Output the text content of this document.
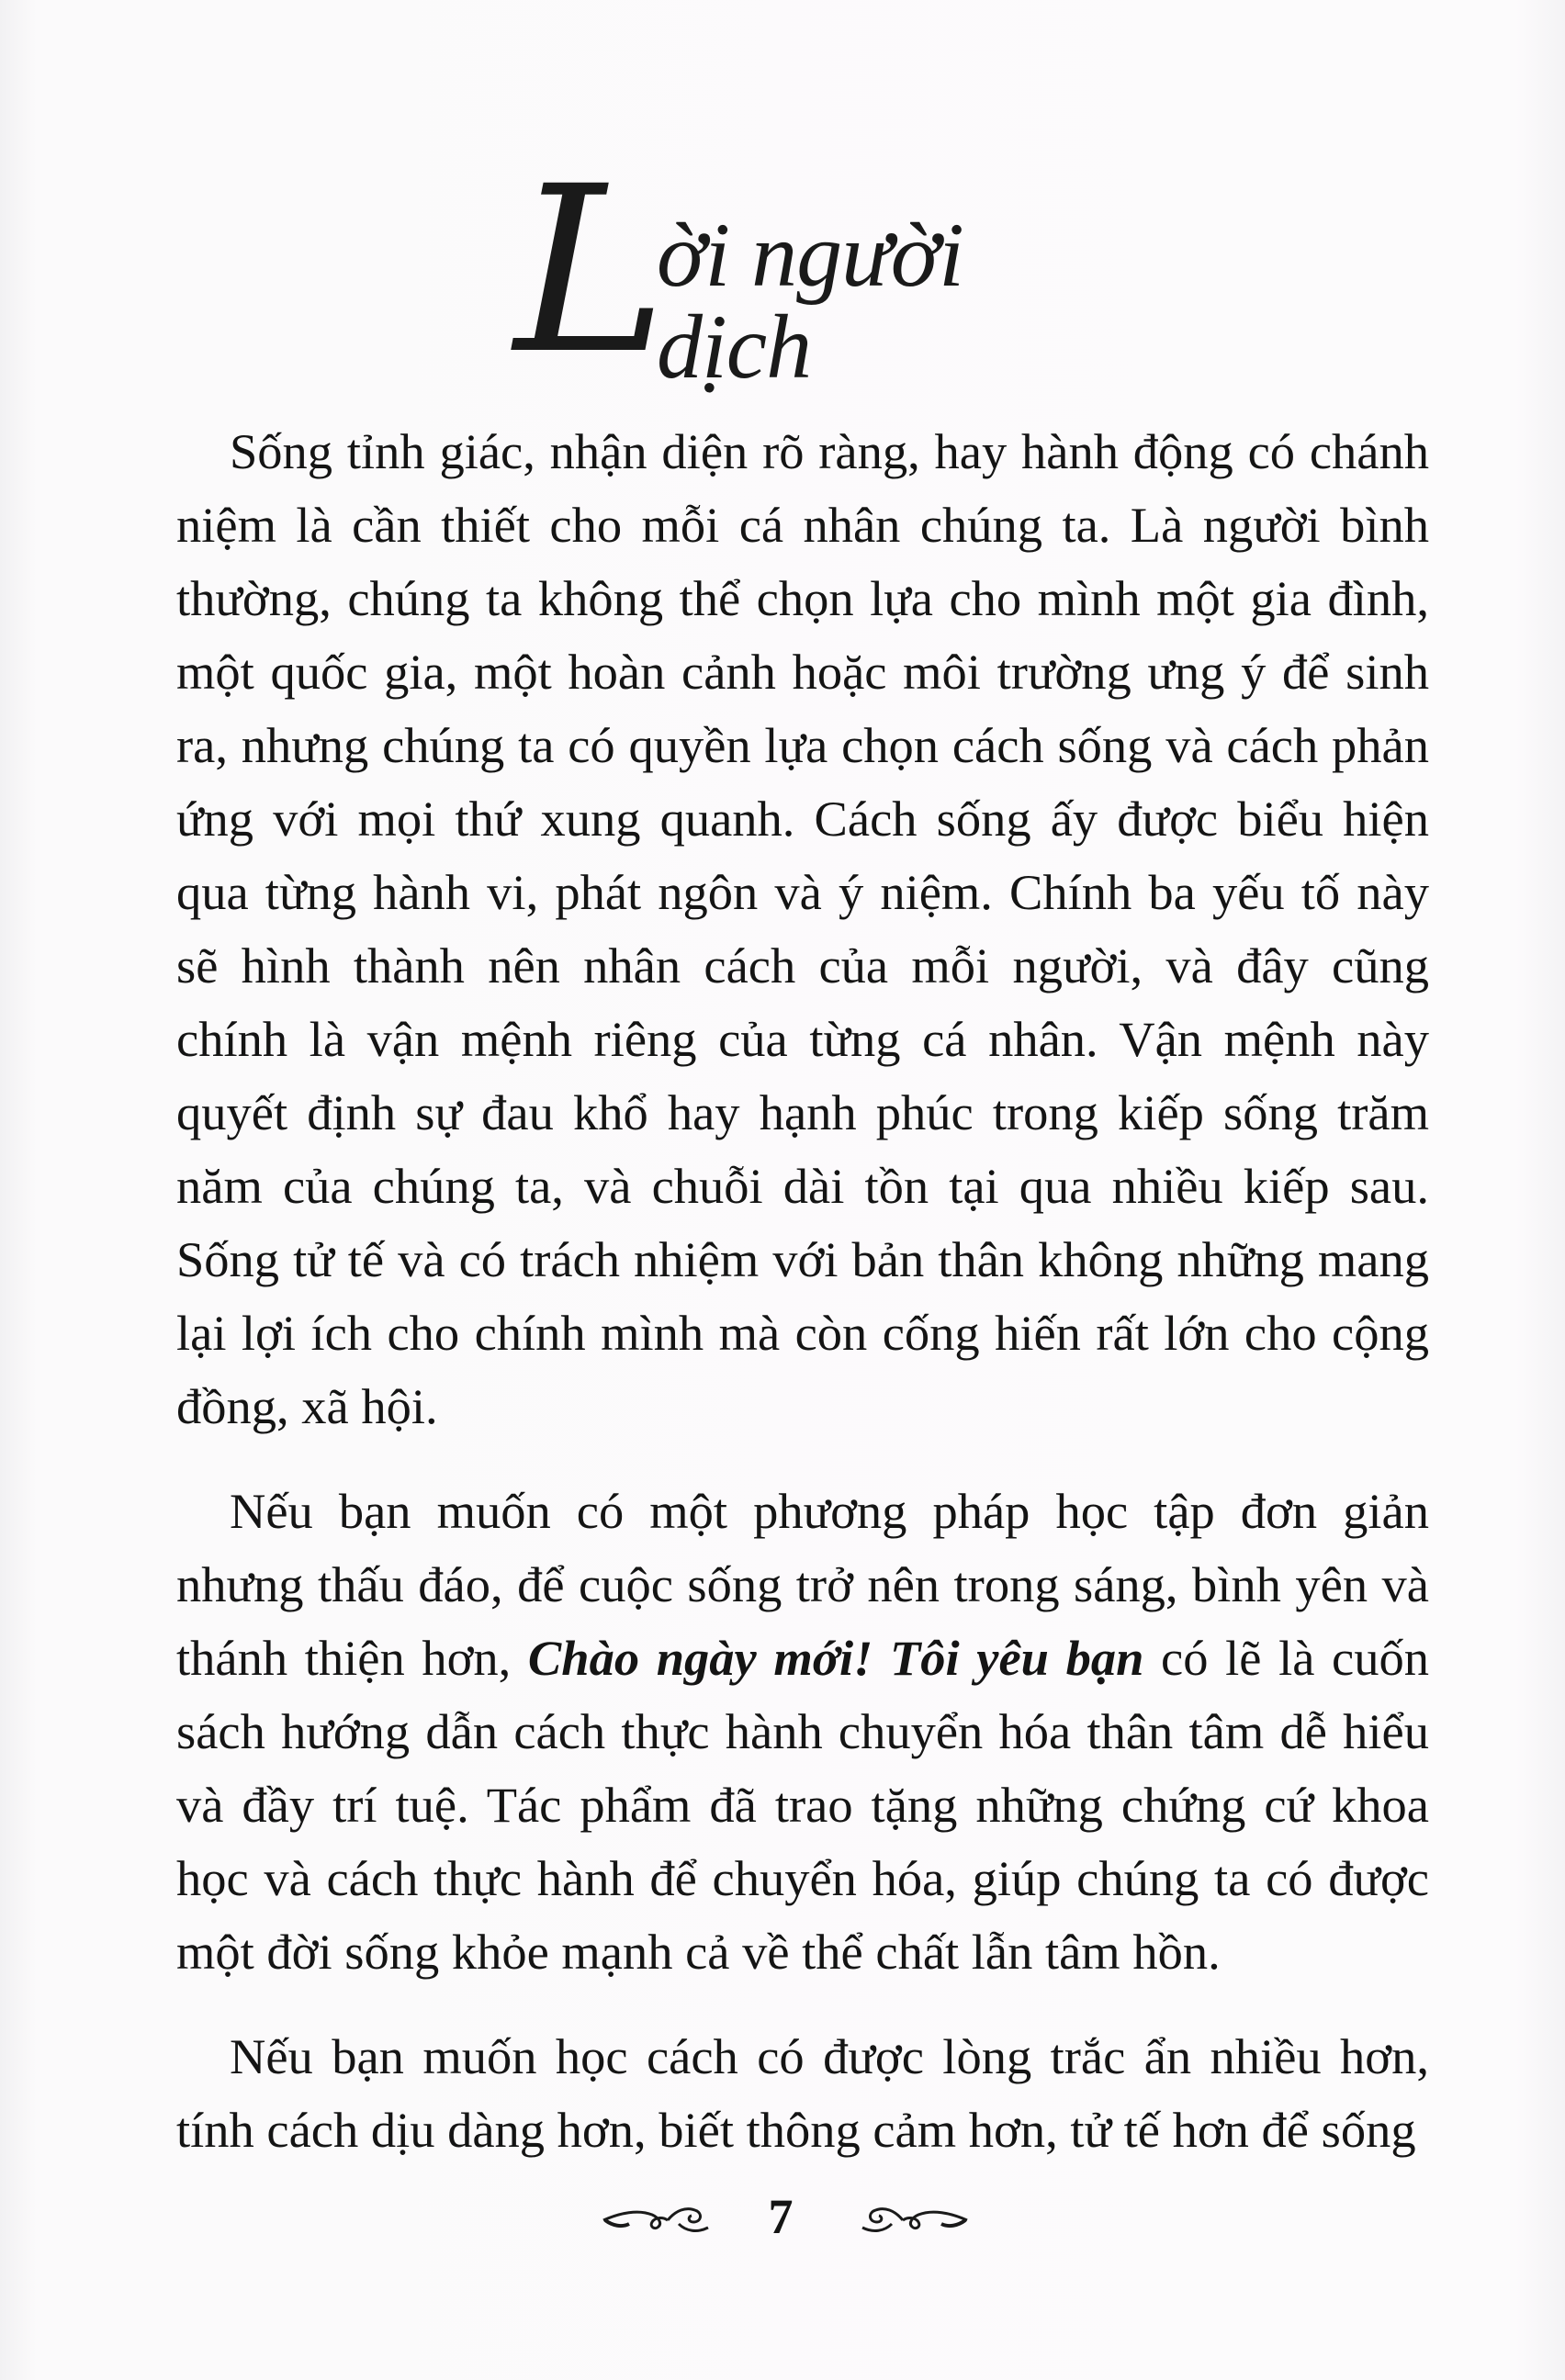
L
ời người dịch

Sống tỉnh giác, nhận diện rõ ràng, hay hành động có chánh niệm là cần thiết cho mỗi cá nhân chúng ta. Là người bình thường, chúng ta không thể chọn lựa cho mình một gia đình, một quốc gia, một hoàn cảnh hoặc môi trường ưng ý để sinh ra, nhưng chúng ta có quyền lựa chọn cách sống và cách phản ứng với mọi thứ xung quanh. Cách sống ấy được biểu hiện qua từng hành vi, phát ngôn và ý niệm. Chính ba yếu tố này sẽ hình thành nên nhân cách của mỗi người, và đây cũng chính là vận mệnh riêng của từng cá nhân. Vận mệnh này quyết định sự đau khổ hay hạnh phúc trong kiếp sống trăm năm của chúng ta, và chuỗi dài tồn tại qua nhiều kiếp sau. Sống tử tế và có trách nhiệm với bản thân không những mang lại lợi ích cho chính mình mà còn cống hiến rất lớn cho cộng đồng, xã hội.

Nếu bạn muốn có một phương pháp học tập đơn giản nhưng thấu đáo, để cuộc sống trở nên trong sáng, bình yên và thánh thiện hơn, Chào ngày mới! Tôi yêu bạn có lẽ là cuốn sách hướng dẫn cách thực hành chuyển hóa thân tâm dễ hiểu và đầy trí tuệ. Tác phẩm đã trao tặng những chứng cứ khoa học và cách thực hành để chuyển hóa, giúp chúng ta có được một đời sống khỏe mạnh cả về thể chất lẫn tâm hồn.

Nếu bạn muốn học cách có được lòng trắc ẩn nhiều hơn, tính cách dịu dàng hơn, biết thông cảm hơn, tử tế hơn để sống

7
